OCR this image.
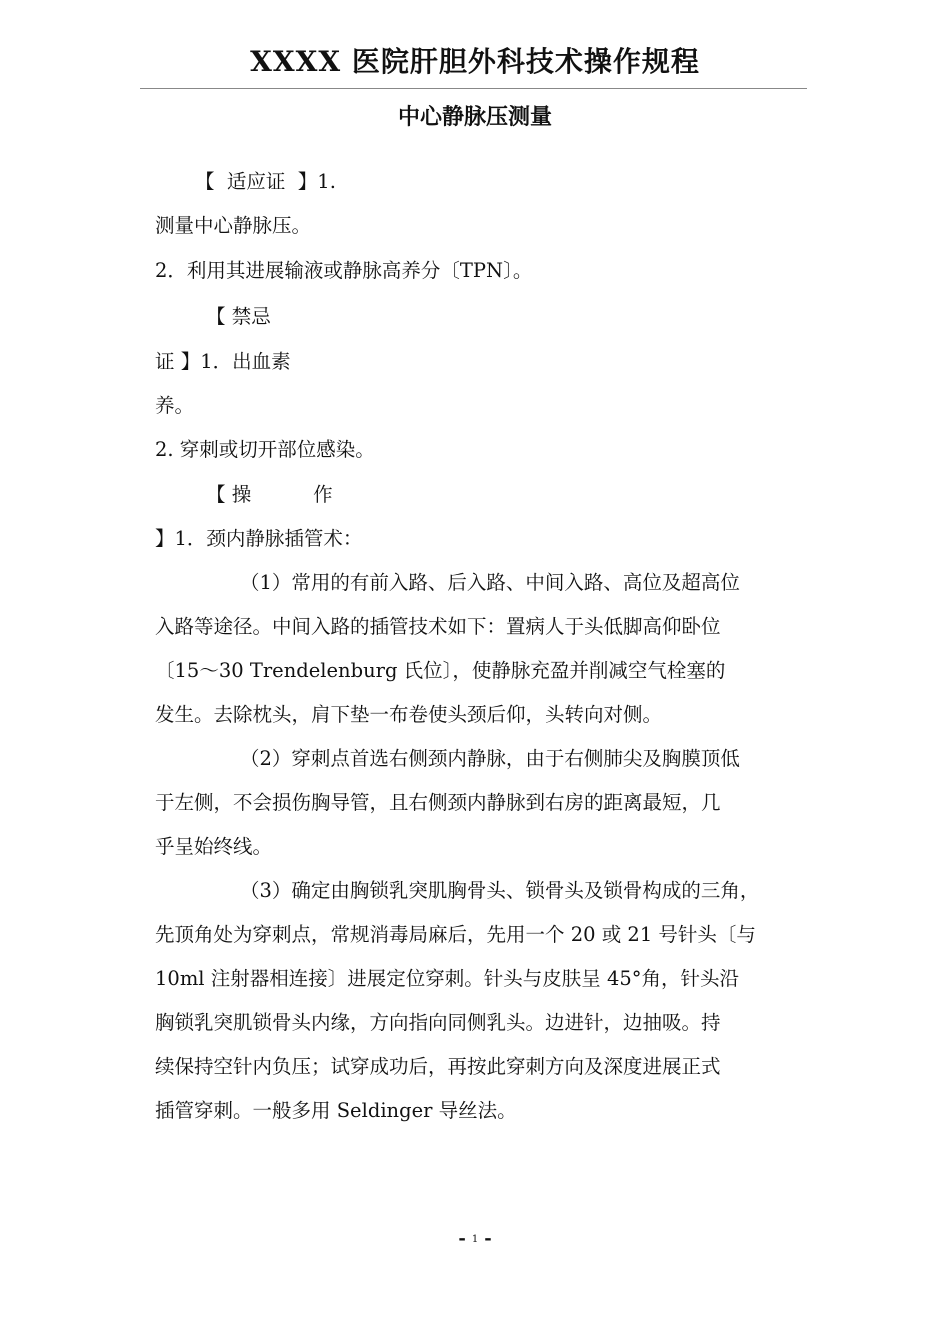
XXXX 医院肝胆外科技术操作规程
中心静脉压测量
【  适应证  】1.
测量中心静脉压。
2．利用其进展输液或静脉高养分〔TPN〕。
【 禁忌
证 】1．出血素
养。
2. 穿刺或切开部位感染。
【 操          作
】1．颈内静脉插管术：
（1）常用的有前入路、后入路、中间入路、高位及超高位
入路等途径。中间入路的插管技术如下：置病人于头低脚高仰卧位
〔15～30 Trendelenburg 氏位〕，使静脉充盈并削减空气栓塞的
发生。去除枕头，肩下垫一布卷使头颈后仰，头转向对侧。
（2）穿刺点首选右侧颈内静脉，由于右侧肺尖及胸膜顶低
于左侧，不会损伤胸导管，且右侧颈内静脉到右房的距离最短，几
乎呈始终线。
（3）确定由胸锁乳突肌胸骨头、锁骨头及锁骨构成的三角，
先顶角处为穿刺点，常规消毒局麻后，先用一个 20 或 21 号针头〔与
10ml 注射器相连接〕进展定位穿刺。针头与皮肤呈 45°角，针头沿
胸锁乳突肌锁骨头内缘，方向指向同侧乳头。边进针，边抽吸。持
续保持空针内负压；试穿成功后，再按此穿刺方向及深度进展正式
插管穿刺。一般多用 Seldinger 导丝法。
- 1 -
